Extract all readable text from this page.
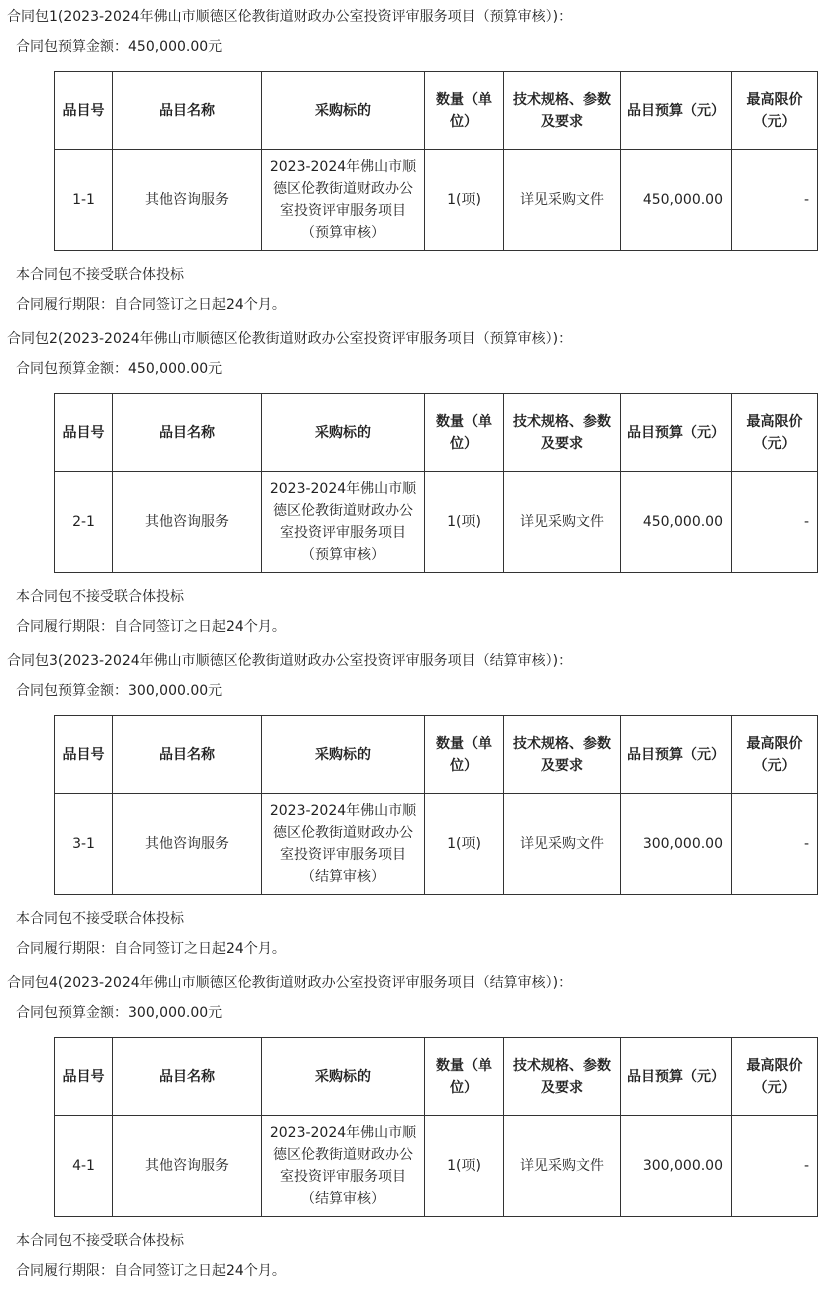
合同包1(2023-2024年佛山市顺德区伦教街道财政办公室投资评审服务项目（预算审核）)：
合同包预算金额：450,000.00元
品目号	品目名称	采购标的	数量（单位）	技术规格、参数及要求	品目预算（元）	最高限价（元）
1-1	其他咨询服务	2023-2024年佛山市顺德区伦教街道财政办公室投资评审服务项目（预算审核）	1(项)	详见采购文件	450,000.00	-
本合同包不接受联合体投标
合同履行期限：自合同签订之日起24个月。
合同包2(2023-2024年佛山市顺德区伦教街道财政办公室投资评审服务项目（预算审核）)：
合同包预算金额：450,000.00元
品目号	品目名称	采购标的	数量（单位）	技术规格、参数及要求	品目预算（元）	最高限价（元）
2-1	其他咨询服务	2023-2024年佛山市顺德区伦教街道财政办公室投资评审服务项目（预算审核）	1(项)	详见采购文件	450,000.00	-
本合同包不接受联合体投标
合同履行期限：自合同签订之日起24个月。
合同包3(2023-2024年佛山市顺德区伦教街道财政办公室投资评审服务项目（结算审核）)：
合同包预算金额：300,000.00元
品目号	品目名称	采购标的	数量（单位）	技术规格、参数及要求	品目预算（元）	最高限价（元）
3-1	其他咨询服务	2023-2024年佛山市顺德区伦教街道财政办公室投资评审服务项目（结算审核）	1(项)	详见采购文件	300,000.00	-
本合同包不接受联合体投标
合同履行期限：自合同签订之日起24个月。
合同包4(2023-2024年佛山市顺德区伦教街道财政办公室投资评审服务项目（结算审核）)：
合同包预算金额：300,000.00元
品目号	品目名称	采购标的	数量（单位）	技术规格、参数及要求	品目预算（元）	最高限价（元）
4-1	其他咨询服务	2023-2024年佛山市顺德区伦教街道财政办公室投资评审服务项目（结算审核）	1(项)	详见采购文件	300,000.00	-
本合同包不接受联合体投标
合同履行期限：自合同签订之日起24个月。
